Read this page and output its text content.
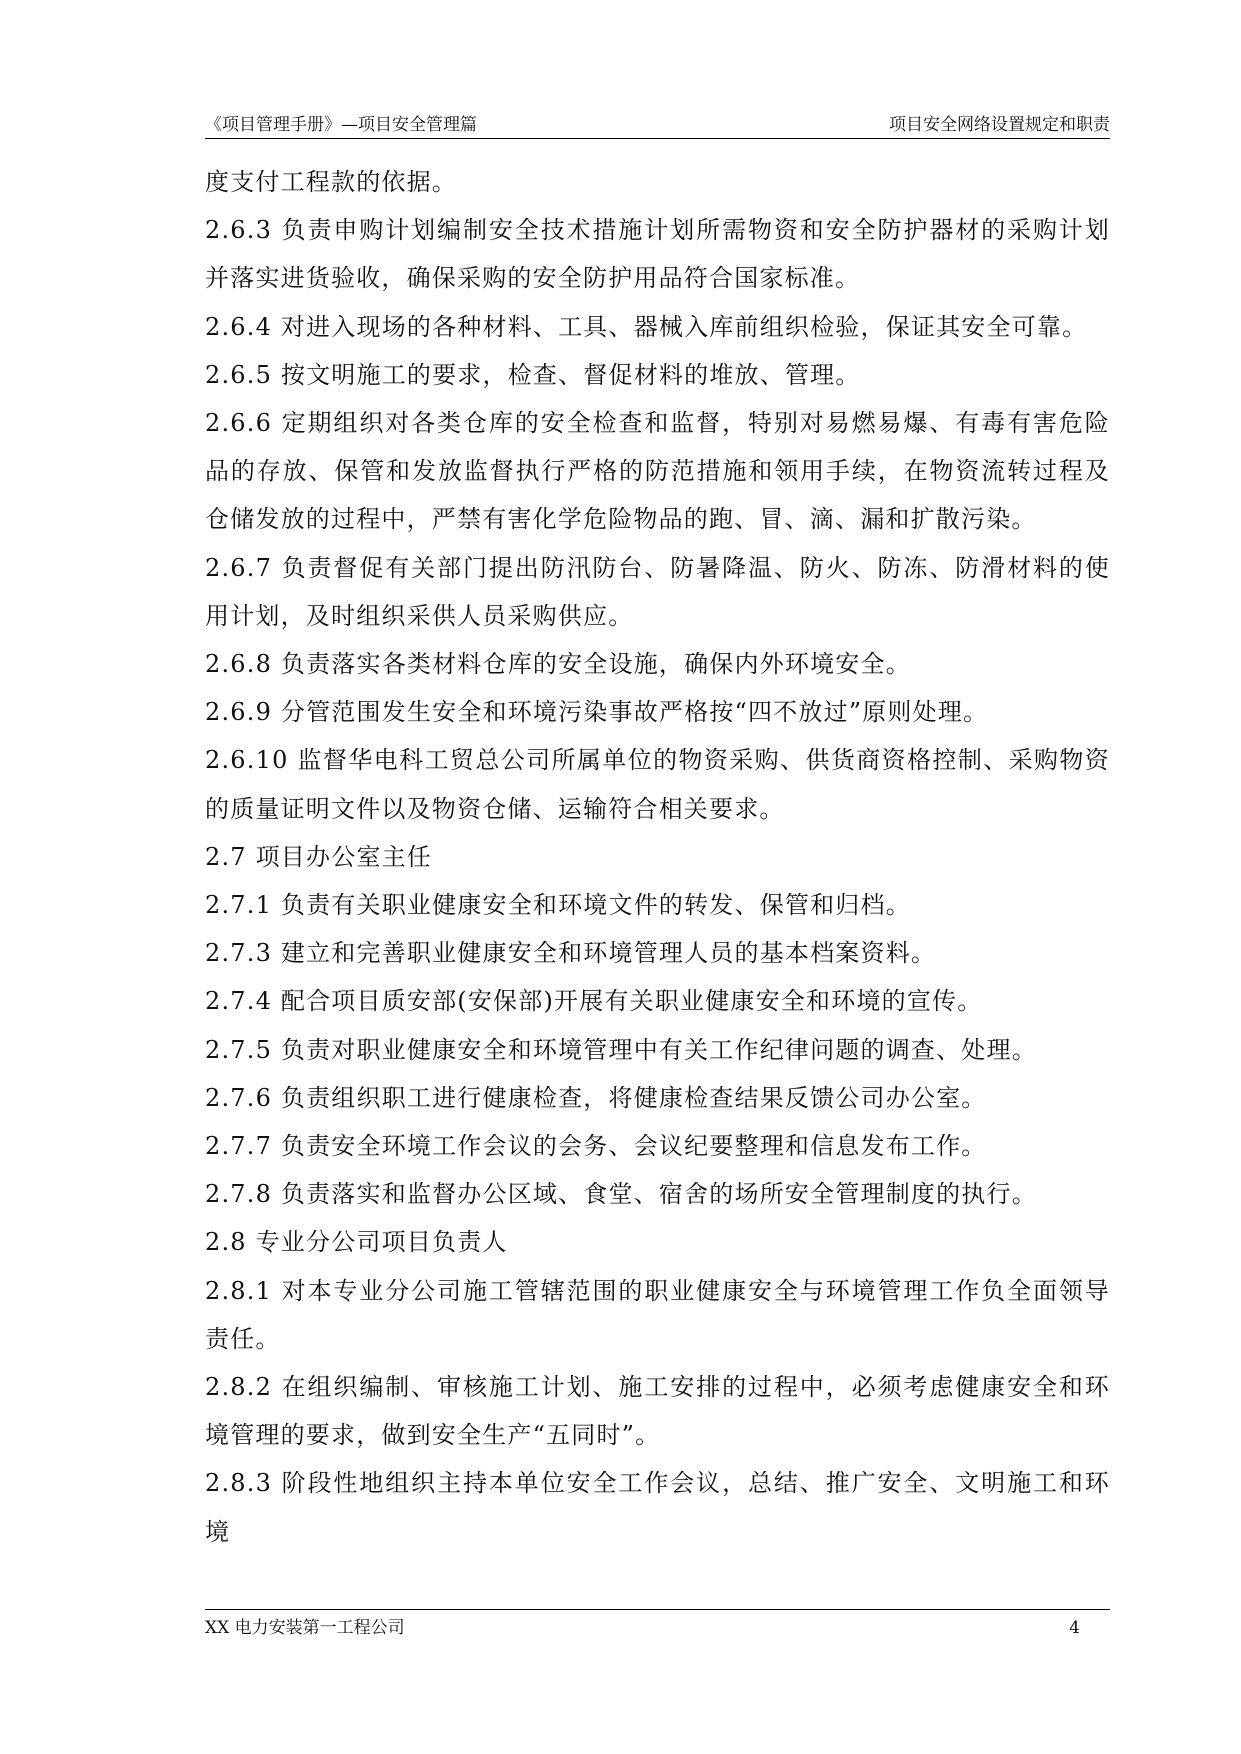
《项目管理手册》—项目安全管理篇	项目安全网络设置规定和职责

度支付工程款的依据。

2.6.3 负责申购计划编制安全技术措施计划所需物资和安全防护器材的采购计划并落实进货验收，确保采购的安全防护用品符合国家标准。

2.6.4 对进入现场的各种材料、工具、器械入库前组织检验，保证其安全可靠。

2.6.5 按文明施工的要求，检查、督促材料的堆放、管理。

2.6.6 定期组织对各类仓库的安全检查和监督，特别对易燃易爆、有毒有害危险品的存放、保管和发放监督执行严格的防范措施和领用手续，在物资流转过程及仓储发放的过程中，严禁有害化学危险物品的跑、冒、滴、漏和扩散污染。

2.6.7 负责督促有关部门提出防汛防台、防暑降温、防火、防冻、防滑材料的使用计划，及时组织采供人员采购供应。

2.6.8 负责落实各类材料仓库的安全设施，确保内外环境安全。

2.6.9 分管范围发生安全和环境污染事故严格按“四不放过”原则处理。

2.6.10 监督华电科工贸总公司所属单位的物资采购、供货商资格控制、采购物资的质量证明文件以及物资仓储、运输符合相关要求。

2.7 项目办公室主任

2.7.1 负责有关职业健康安全和环境文件的转发、保管和归档。

2.7.3 建立和完善职业健康安全和环境管理人员的基本档案资料。

2.7.4 配合项目质安部(安保部)开展有关职业健康安全和环境的宣传。

2.7.5 负责对职业健康安全和环境管理中有关工作纪律问题的调查、处理。

2.7.6 负责组织职工进行健康检查，将健康检查结果反馈公司办公室。

2.7.7 负责安全环境工作会议的会务、会议纪要整理和信息发布工作。

2.7.8 负责落实和监督办公区域、食堂、宿舍的场所安全管理制度的执行。

2.8 专业分公司项目负责人

2.8.1 对本专业分公司施工管辖范围的职业健康安全与环境管理工作负全面领导责任。

2.8.2 在组织编制、审核施工计划、施工安排的过程中，必须考虑健康安全和环境管理的要求，做到安全生产“五同时”。

2.8.3 阶段性地组织主持本单位安全工作会议，总结、推广安全、文明施工和环境

XX 电力安装第一工程公司	4
